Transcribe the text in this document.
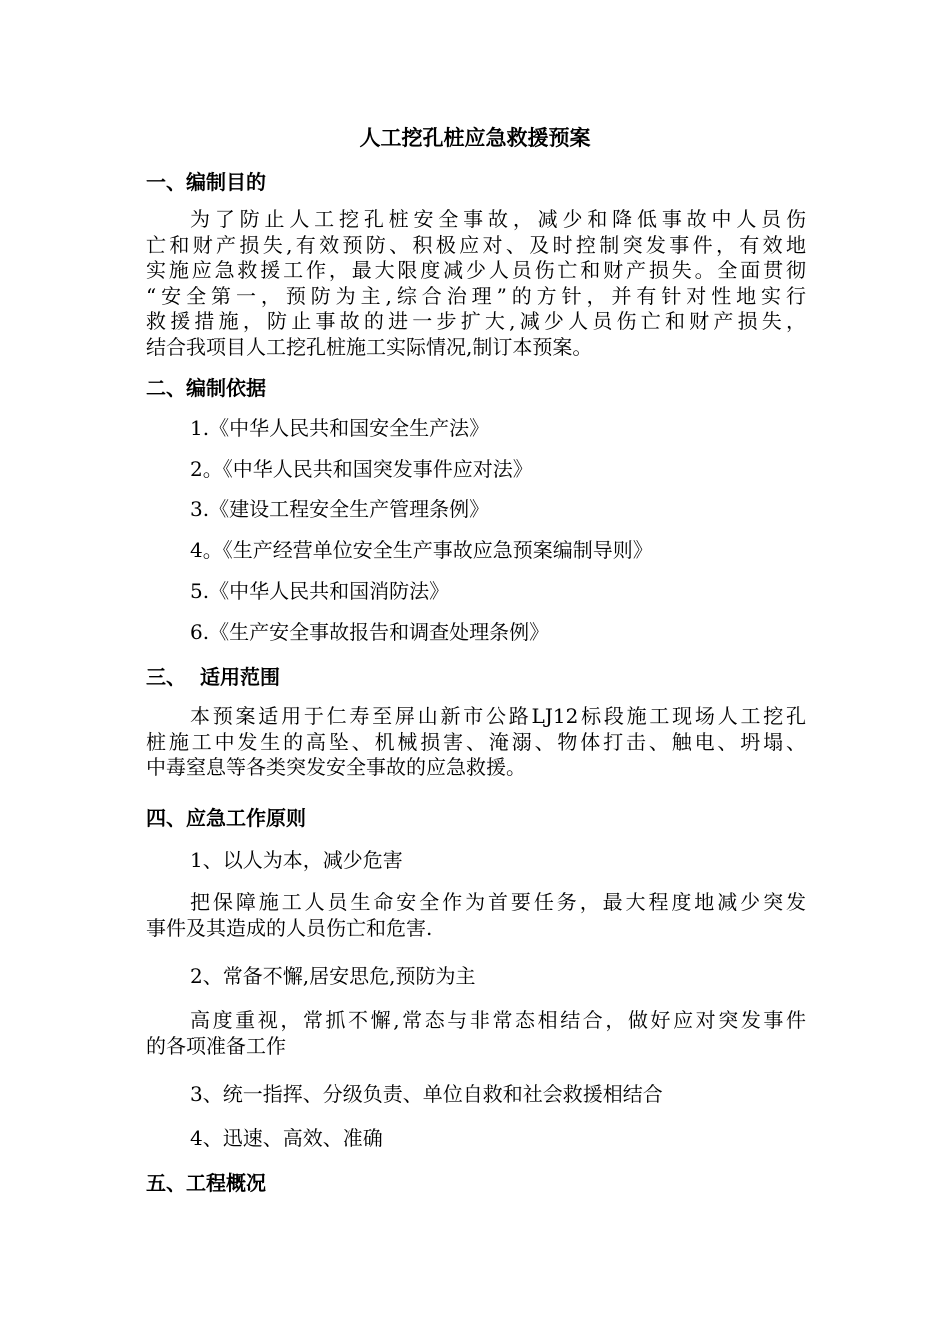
人工挖孔桩应急救援预案
一、编制目的
为了防止人工挖孔桩安全事故，减少和降低事故中人员伤
亡和财产损失,有效预防、积极应对、及时控制突发事件，有效地
实施应急救援工作，最大限度减少人员伤亡和财产损失。全面贯彻
“安全第一，预防为主,综合治理”的方针，并有针对性地实行
救援措施，防止事故的进一步扩大,减少人员伤亡和财产损失，
结合我项目人工挖孔桩施工实际情况,制订本预案。
二、编制依据
1.《中华人民共和国安全生产法》
2。《中华人民共和国突发事件应对法》
3.《建设工程安全生产管理条例》
4。《生产经营单位安全生产事故应急预案编制导则》
5.《中华人民共和国消防法》
6.《生产安全事故报告和调查处理条例》
三、 适用范围
本预案适用于仁寿至屏山新市公路LJ12标段施工现场人工挖孔
桩施工中发生的高坠、机械损害、淹溺、物体打击、触电、坍塌、
中毒窒息等各类突发安全事故的应急救援。
四、应急工作原则
1、以人为本，减少危害
把保障施工人员生命安全作为首要任务，最大程度地减少突发
事件及其造成的人员伤亡和危害.
2、常备不懈,居安思危,预防为主
高度重视，常抓不懈,常态与非常态相结合，做好应对突发事件
的各项准备工作
3、统一指挥、分级负责、单位自救和社会救援相结合
4、迅速、高效、准确
五、工程概况
